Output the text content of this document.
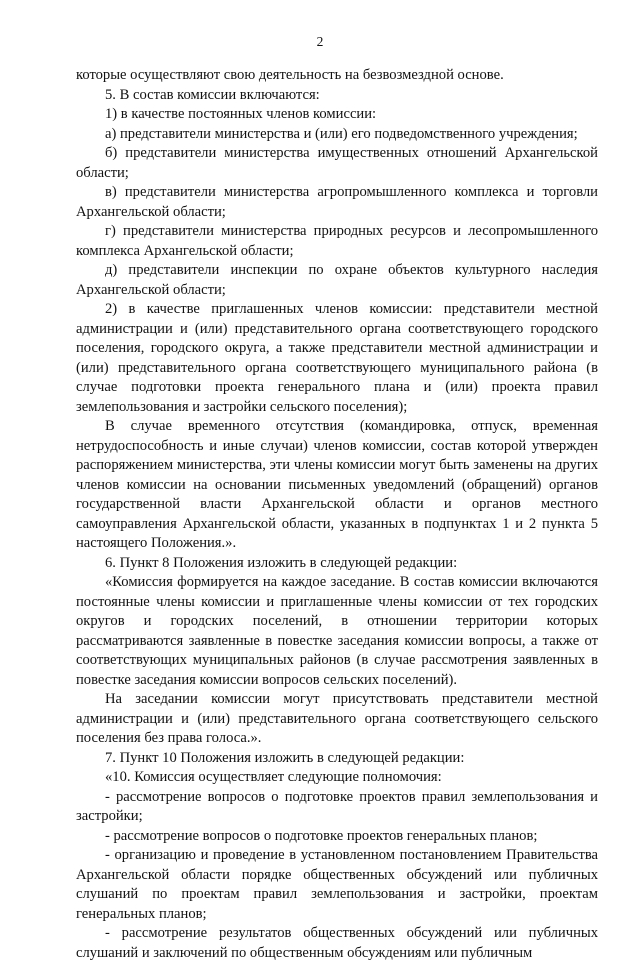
2

которые осуществляют свою деятельность на безвозмездной основе.

5. В состав комиссии включаются:

1) в качестве постоянных членов комиссии:

а) представители министерства и (или) его подведомственного учреждения;

б) представители министерства имущественных отношений Архангельской области;

в) представители министерства агропромышленного комплекса и торговли Архангельской области;

г) представители министерства природных ресурсов и лесопромышленного комплекса Архангельской области;

д) представители инспекции по охране объектов культурного наследия Архангельской области;

2) в качестве приглашенных членов комиссии: представители местной администрации и (или) представительного органа соответствующего городского поселения, городского округа, а также представители местной администрации и (или) представительного органа соответствующего муниципального района (в случае подготовки проекта генерального плана и (или) проекта правил землепользования и застройки сельского поселения);

В случае временного отсутствия (командировка, отпуск, временная нетрудоспособность и иные случаи) членов комиссии, состав которой утвержден распоряжением министерства, эти члены комиссии могут быть заменены на других членов комиссии на основании письменных уведомлений (обращений) органов государственной власти Архангельской области и органов местного самоуправления Архангельской области, указанных в подпунктах 1 и 2 пункта 5 настоящего Положения.».

6. Пункт 8 Положения изложить в следующей редакции:

«Комиссия формируется на каждое заседание. В состав комиссии включаются постоянные члены комиссии и приглашенные члены комиссии от тех городских округов и городских поселений, в отношении территории которых рассматриваются заявленные в повестке заседания комиссии вопросы, а также от соответствующих муниципальных районов (в случае рассмотрения заявленных в повестке заседания комиссии вопросов сельских поселений).

На заседании комиссии могут присутствовать представители местной администрации и (или) представительного органа соответствующего сельского поселения без права голоса.».

7. Пункт 10 Положения изложить в следующей редакции:

«10. Комиссия осуществляет следующие полномочия:

- рассмотрение вопросов о подготовке проектов правил землепользования и застройки;

- рассмотрение вопросов о подготовке проектов генеральных планов;

- организацию и проведение в установленном постановлением Правительства Архангельской области порядке общественных обсуждений или публичных слушаний по проектам правил землепользования и застройки, проектам генеральных планов;

- рассмотрение результатов общественных обсуждений или публичных слушаний и заключений по общественным обсуждениям или публичным
